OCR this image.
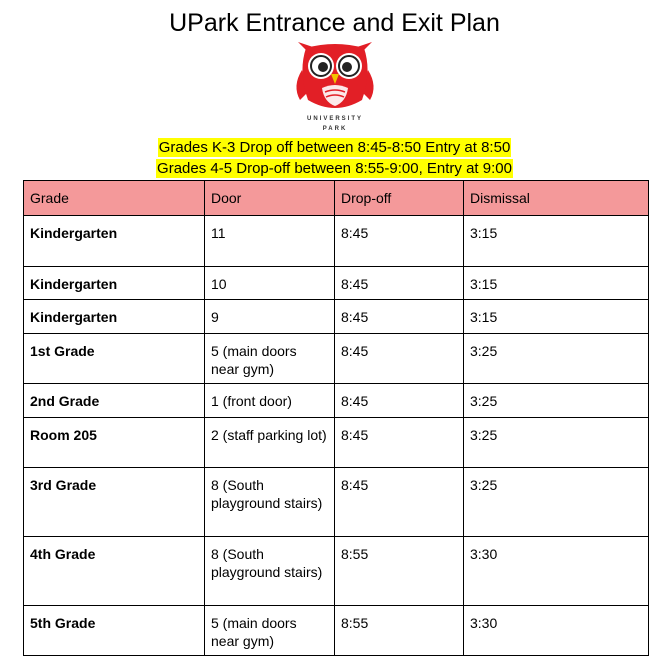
UPark Entrance and Exit Plan
UNIVERSITY
PARK
Grades K-3 Drop off between 8:45-8:50 Entry at 8:50
Grades 4-5 Drop-off between 8:55-9:00, Entry at 9:00
Grade	Door	Drop-off	Dismissal
Kindergarten	11	8:45	3:15
Kindergarten	10	8:45	3:15
Kindergarten	9	8:45	3:15
1st Grade	5 (main doors near gym)	8:45	3:25
2nd Grade	1 (front door)	8:45	3:25
Room 205	2 (staff parking lot)	8:45	3:25
3rd Grade	8 (South playground stairs)	8:45	3:25
4th Grade	8 (South playground stairs)	8:55	3:30
5th Grade	5 (main doors near gym)	8:55	3:30
